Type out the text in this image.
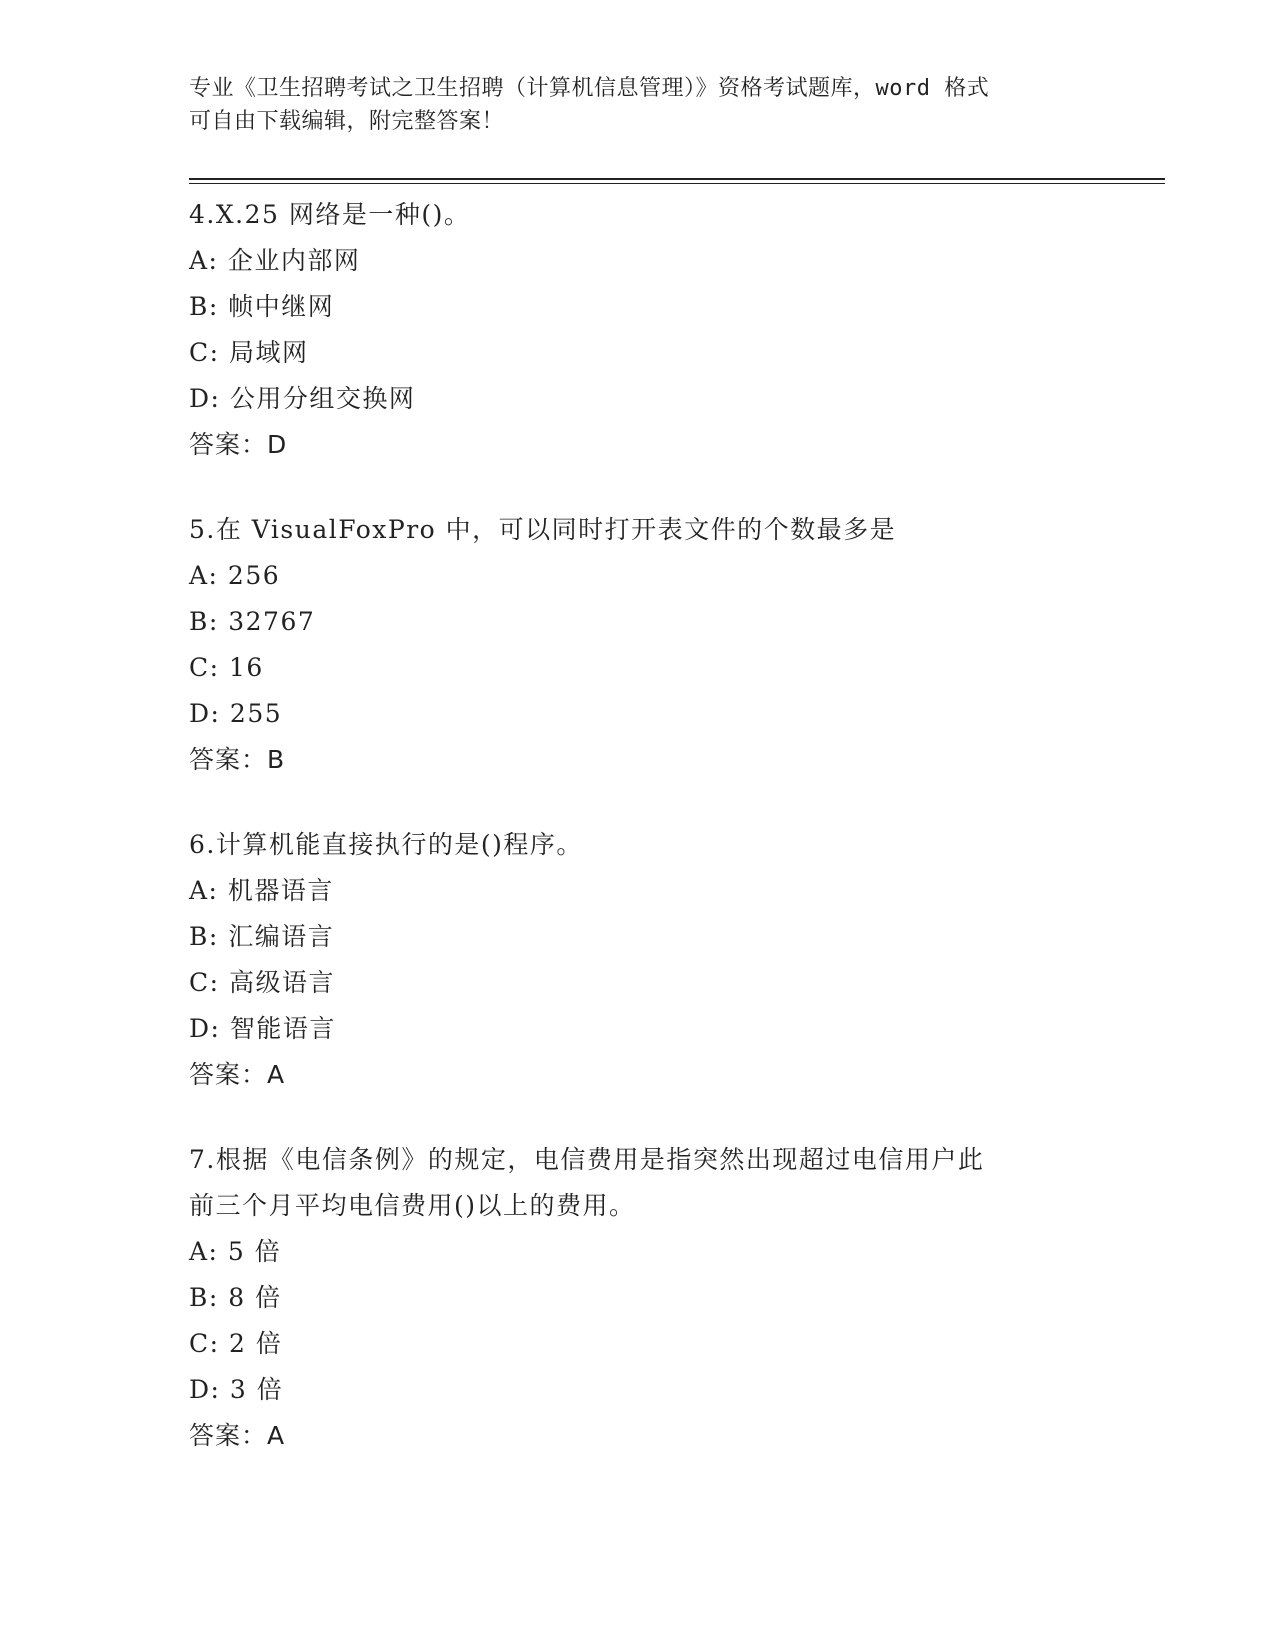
专业《卫生招聘考试之卫生招聘（计算机信息管理）》资格考试题库，word 格式
可自由下载编辑，附完整答案！
4.X.25 网络是一种()。
A: 企业内部网
B: 帧中继网
C: 局域网
D: 公用分组交换网
答案：D
5.在 VisualFoxPro 中，可以同时打开表文件的个数最多是
A: 256
B: 32767
C: 16
D: 255
答案：B
6.计算机能直接执行的是()程序。
A: 机器语言
B: 汇编语言
C: 高级语言
D: 智能语言
答案：A
7.根据《电信条例》的规定，电信费用是指突然出现超过电信用户此
前三个月平均电信费用()以上的费用。
A: 5 倍
B: 8 倍
C: 2 倍
D: 3 倍
答案：A
